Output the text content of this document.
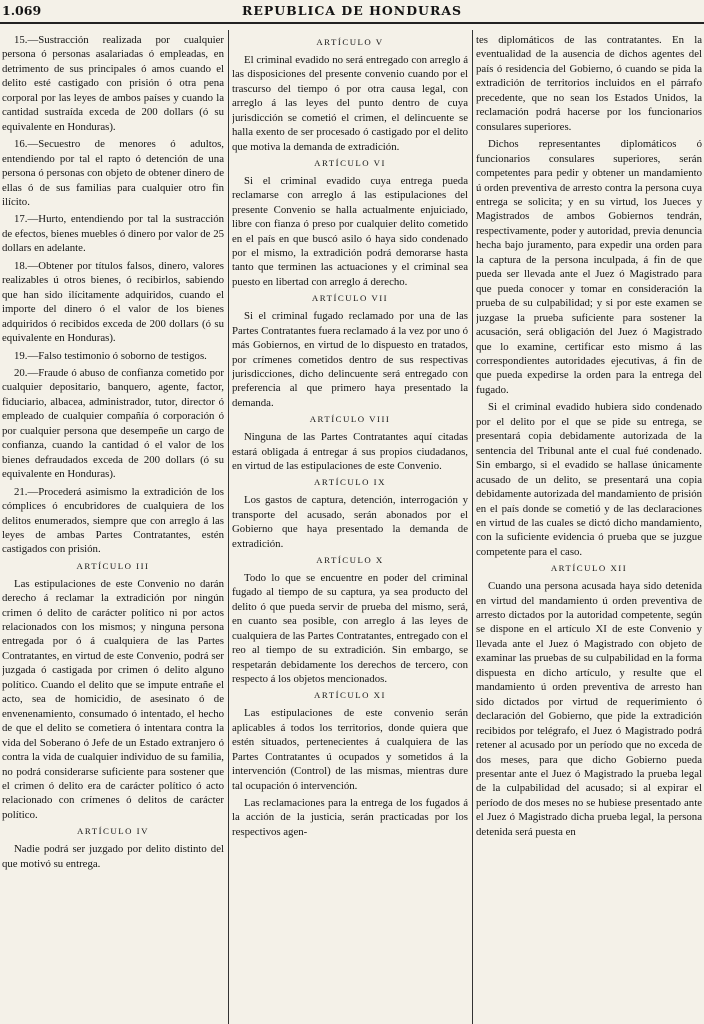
1.069	REPUBLICA DE HONDURAS

15.—Sustracción realizada por cualquier persona ó personas asalariadas ó empleadas, en detrimento de sus principales ó amos cuando el delito esté castigado con prisión ó otra pena corporal por las leyes de ambos países y cuando la cantidad sustraída exceda de 200 dollars (ó su equivalente en Honduras).

16.—Secuestro de menores ó adultos, entendiendo por tal el rapto ó detención de una persona ó personas con objeto de obtener dinero de ellas ó de sus familias para cualquier otro fin ilícito.

17.—Hurto, entendiendo por tal la sustracción de efectos, bienes muebles ó dinero por valor de 25 dollars en adelante.

18.—Obtener por títulos falsos, dinero, valores realizables ú otros bienes, ó recibirlos, sabiendo que han sido ilícitamente adquiridos, cuando el importe del dinero ó el valor de los bienes adquiridos ó recibidos exceda de 200 dollars (ó su equivalente en Honduras).

19.—Falso testimonio ó soborno de testigos.

20.—Fraude ó abuso de confianza cometido por cualquier depositario, banquero, agente, factor, fiduciario, albacea, administrador, tutor, director ó empleado de cualquier compañía ó corporación ó por cualquier persona que desempeñe un cargo de confianza, cuando la cantidad ó el valor de los bienes defraudados exceda de 200 dollars (ó su equivalente en Honduras).

21.—Procederá asimismo la extradición de los cómplices ó encubridores de cualquiera de los delitos enumerados, siempre que con arreglo á las leyes de ambas Partes Contratantes, estén castigados con prisión.

ARTÍCULO III

Las estipulaciones de este Convenio no darán derecho á reclamar la extradición por ningún crimen ó delito de carácter político ni por actos relacionados con los mismos; y ninguna persona entregada por ó á cualquiera de las Partes Contratantes, en virtud de este Convenio, podrá ser juzgada ó castigada por crimen ó delito alguno político. Cuando el delito que se impute entrañe el acto, sea de homicidio, de asesinato ó de envenenamiento, consumado ó intentado, el hecho de que el delito se cometiera ó intentara contra la vida del Soberano ó Jefe de un Estado extranjero ó contra la vida de cualquier individuo de su familia, no podrá considerarse suficiente para sostener que el crimen ó delito era de carácter político ó acto relacionado con crímenes ó delitos de carácter político.

ARTÍCULO IV

Nadie podrá ser juzgado por delito distinto del que motivó su entrega.

ARTÍCULO V

El criminal evadido no será entregado con arreglo á las disposiciones del presente convenio cuando por el trascurso del tiempo ó por otra causa legal, con arreglo á las leyes del punto dentro de cuya jurisdicción se cometió el crimen, el delincuente se halla exento de ser procesado ó castigado por el delito que motiva la demanda de extradición.

ARTÍCULO VI

Si el criminal evadido cuya entrega pueda reclamarse con arreglo á las estipulaciones del presente Convenio se halla actualmente enjuiciado, libre con fianza ó preso por cualquier delito cometido en el país en que buscó asilo ó haya sido condenado por el mismo, la extradición podrá demorarse hasta tanto que terminen las actuaciones y el criminal sea puesto en libertad con arreglo á derecho.

ARTÍCULO VII

Si el criminal fugado reclamado por una de las Partes Contratantes fuera reclamado á la vez por uno ó más Gobiernos, en virtud de lo dispuesto en tratados, por crímenes cometidos dentro de sus respectivas jurisdicciones, dicho delincuente será entregado con preferencia al que primero haya presentado la demanda.

ARTÍCULO VIII

Ninguna de las Partes Contratantes aquí citadas estará obligada á entregar á sus propios ciudadanos, en virtud de las estipulaciones de este Convenio.

ARTÍCULO IX

Los gastos de captura, detención, interrogación y transporte del acusado, serán abonados por el Gobierno que haya presentado la demanda de extradición.

ARTÍCULO X

Todo lo que se encuentre en poder del criminal fugado al tiempo de su captura, ya sea producto del delito ó que pueda servir de prueba del mismo, será, en cuanto sea posible, con arreglo á las leyes de cualquiera de las Partes Contratantes, entregado con el reo al tiempo de su extradición. Sin embargo, se respetarán debidamente los derechos de tercero, con respecto á los objetos mencionados.

ARTÍCULO XI

Las estipulaciones de este convenio serán aplicables á todos los territorios, donde quiera que estén situados, pertenecientes á cualquiera de las Partes Contratantes ú ocupados y sometidos á la intervención (Control) de las mismas, mientras dure tal ocupación ó intervención.

Las reclamaciones para la entrega de los fugados á la acción de la justicia, serán practicadas por los respectivos agen-

tes diplomáticos de las contratantes. En la eventualidad de la ausencia de dichos agentes del país ó residencia del Gobierno, ó cuando se pida la extradición de territorios incluidos en el párrafo precedente, que no sean los Estados Unidos, la reclamación podrá hacerse por los funcionarios consulares superiores.

Dichos representantes diplomáticos ó funcionarios consulares superiores, serán competentes para pedir y obtener un mandamiento ú orden preventiva de arresto contra la persona cuya entrega se solicita; y en su virtud, los Jueces y Magistrados de ambos Gobiernos tendrán, respectivamente, poder y autoridad, previa denuncia hecha bajo juramento, para expedir una orden para la captura de la persona inculpada, á fin de que pueda ser llevada ante el Juez ó Magistrado para que pueda conocer y tomar en consideración la prueba de su culpabilidad; y si por este examen se juzgase la prueba suficiente para sostener la acusación, será obligación del Juez ó Magistrado que lo examine, certificar esto mismo á las correspondientes autoridades ejecutivas, á fin de que pueda expedirse la orden para la entrega del fugado.

Si el criminal evadido hubiera sido condenado por el delito por el que se pide su entrega, se presentará copia debidamente autorizada de la sentencia del Tribunal ante el cual fué condenado. Sin embargo, si el evadido se hallase únicamente acusado de un delito, se presentará una copia debidamente autorizada del mandamiento de prisión en el país donde se cometió y de las declaraciones en virtud de las cuales se dictó dicho mandamiento, con la suficiente evidencia ó prueba que se juzgue competente para el caso.

ARTÍCULO XII

Cuando una persona acusada haya sido detenida en virtud del mandamiento ú orden preventiva de arresto dictados por la autoridad competente, según se dispone en el artículo XI de este Convenio y llevada ante el Juez ó Magistrado con objeto de examinar las pruebas de su culpabilidad en la forma dispuesta en dicho artículo, y resulte que el mandamiento ú orden preventiva de arresto han sido dictados por virtud de requerimiento ó declaración del Gobierno, que pide la extradición recibidos por telégrafo, el Juez ó Magistrado podrá retener al acusado por un período que no exceda de dos meses, para que dicho Gobierno pueda presentar ante el Juez ó Magistrado la prueba legal de la culpabilidad del acusado; si al expirar el período de dos meses no se hubiese presentado ante el Juez ó Magistrado dicha prueba legal, la persona detenida será puesta en
